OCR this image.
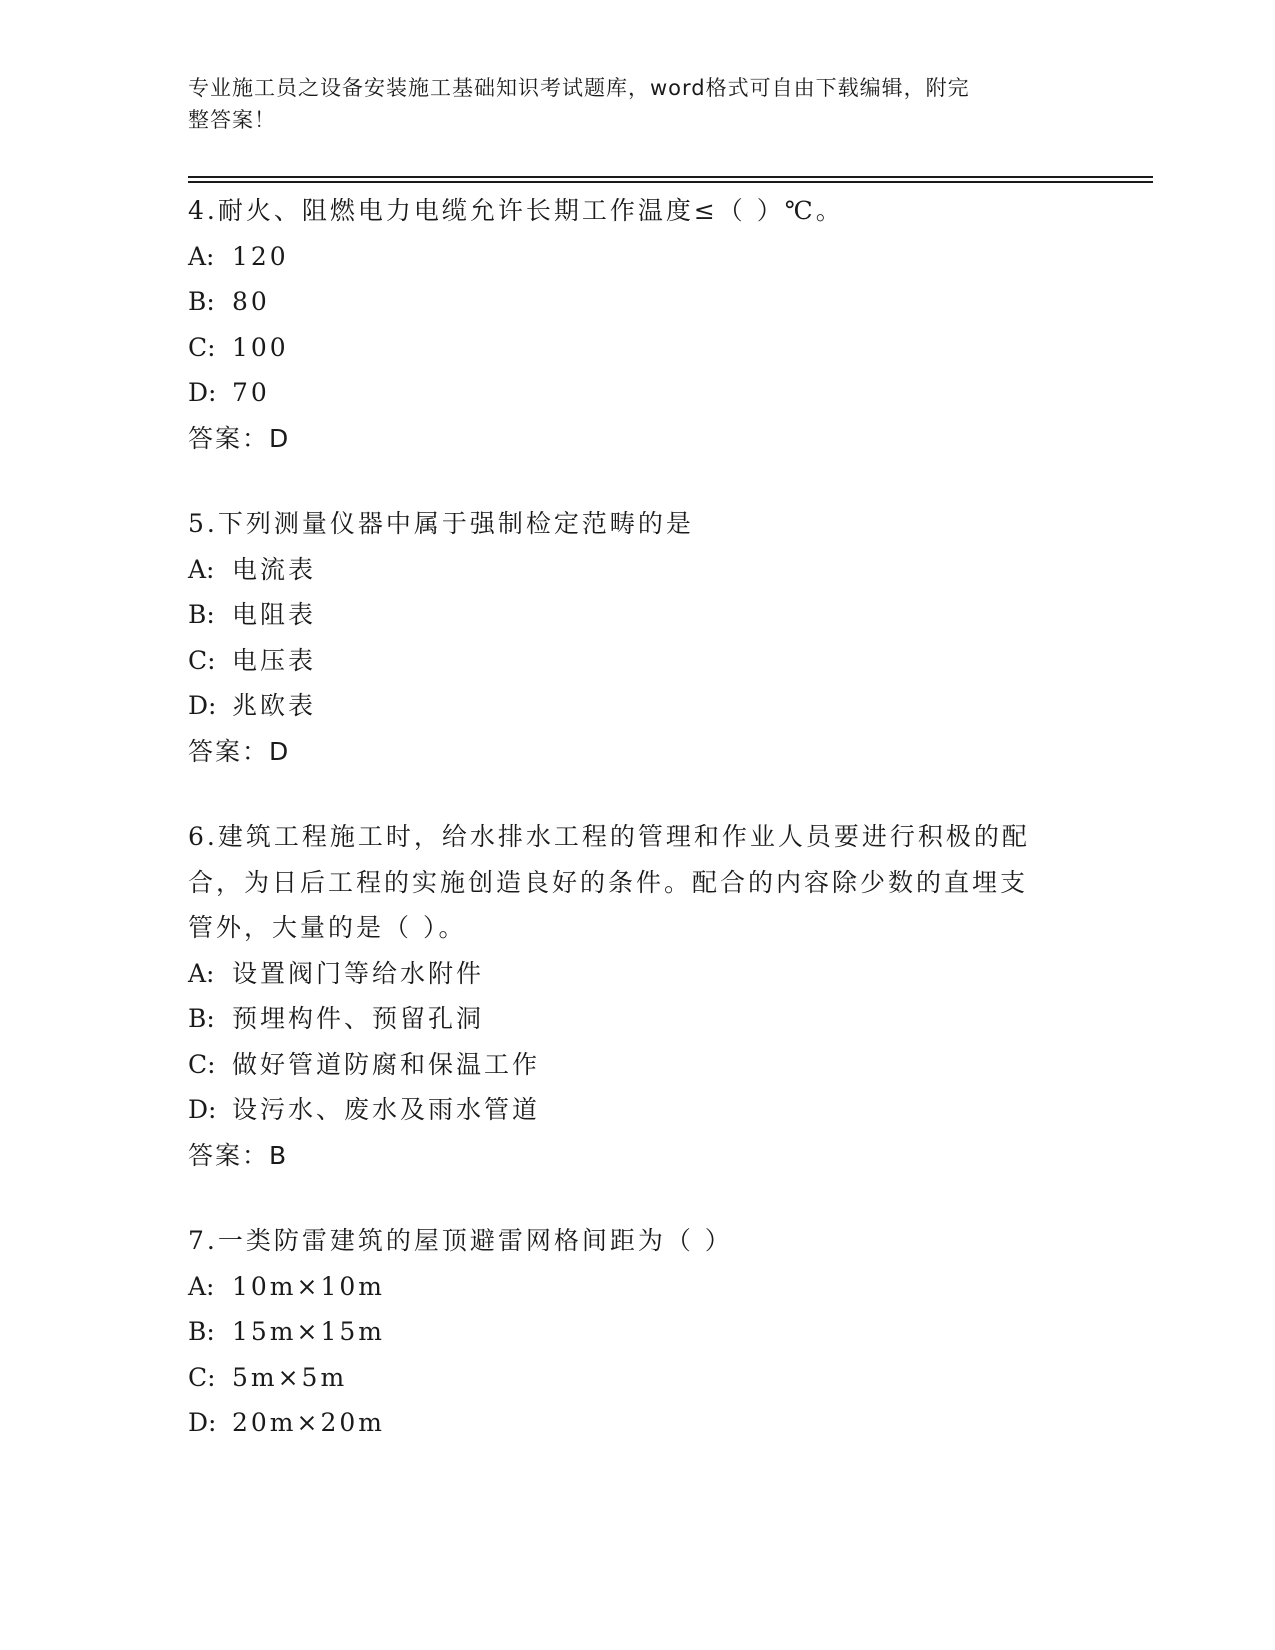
专业施工员之设备安装施工基础知识考试题库，word格式可自由下载编辑，附完
整答案！
4.耐火、阻燃电力电缆允许长期工作温度≤（ ）℃。
A: 120
B: 80
C: 100
D: 70
答案：D
5.下列测量仪器中属于强制检定范畴的是
A: 电流表
B: 电阻表
C: 电压表
D: 兆欧表
答案：D
6.建筑工程施工时，给水排水工程的管理和作业人员要进行积极的配
合，为日后工程的实施创造良好的条件。配合的内容除少数的直埋支
管外，大量的是（ ）。
A: 设置阀门等给水附件
B: 预埋构件、预留孔洞
C: 做好管道防腐和保温工作
D: 设污水、废水及雨水管道
答案：B
7.一类防雷建筑的屋顶避雷网格间距为（ ）
A: 10m×10m
B: 15m×15m
C: 5m×5m
D: 20m×20m
